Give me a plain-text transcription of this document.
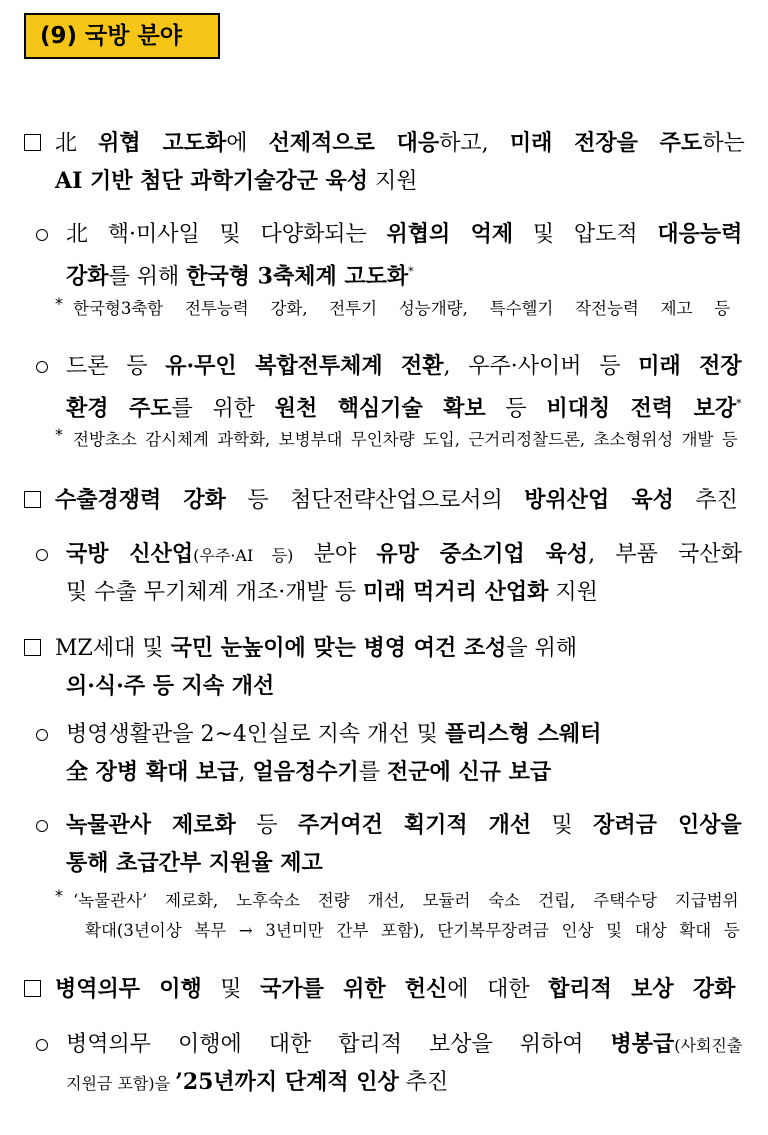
(9) 국방 분야
北 위협 고도화에 선제적으로 대응하고, 미래 전장을 주도하는
AI 기반 첨단 과학기술강군 육성 지원
北 핵·미사일 및 다양화되는 위협의 억제 및 압도적 대응능력
강화를 위해 한국형 3축체계 고도화*
* 한국형3축함 전투능력 강화, 전투기 성능개량, 특수헬기 작전능력 제고 등
드론 등 유·무인 복합전투체계 전환, 우주·사이버 등 미래 전장
환경 주도를 위한 원천 핵심기술 확보 등 비대칭 전력 보강*
* 전방초소 감시체계 과학화, 보병부대 무인차량 도입, 근거리정찰드론, 초소형위성 개발 등
수출경쟁력 강화 등 첨단전략산업으로서의 방위산업 육성 추진
국방 신산업(우주·AI 등) 분야 유망 중소기업 육성, 부품 국산화
및 수출 무기체계 개조·개발 등 미래 먹거리 산업화 지원
MZ세대 및 국민 눈높이에 맞는 병영 여건 조성을 위해
의·식·주 등 지속 개선
병영생활관을 2~4인실로 지속 개선 및 플리스형 스웨터
全 장병 확대 보급, 얼음정수기를 전군에 신규 보급
녹물관사 제로화 등 주거여건 획기적 개선 및 장려금 인상을
통해 초급간부 지원율 제고
* ‘녹물관사’ 제로화, 노후숙소 전량 개선, 모듈러 숙소 건립, 주택수당 지급범위
확대(3년이상 복무 → 3년미만 간부 포함), 단기복무장려금 인상 및 대상 확대 등
병역의무 이행 및 국가를 위한 헌신에 대한 합리적 보상 강화
병역의무 이행에 대한 합리적 보상을 위하여 병봉급(사회진출
지원금 포함)을 ’25년까지 단계적 인상 추진
